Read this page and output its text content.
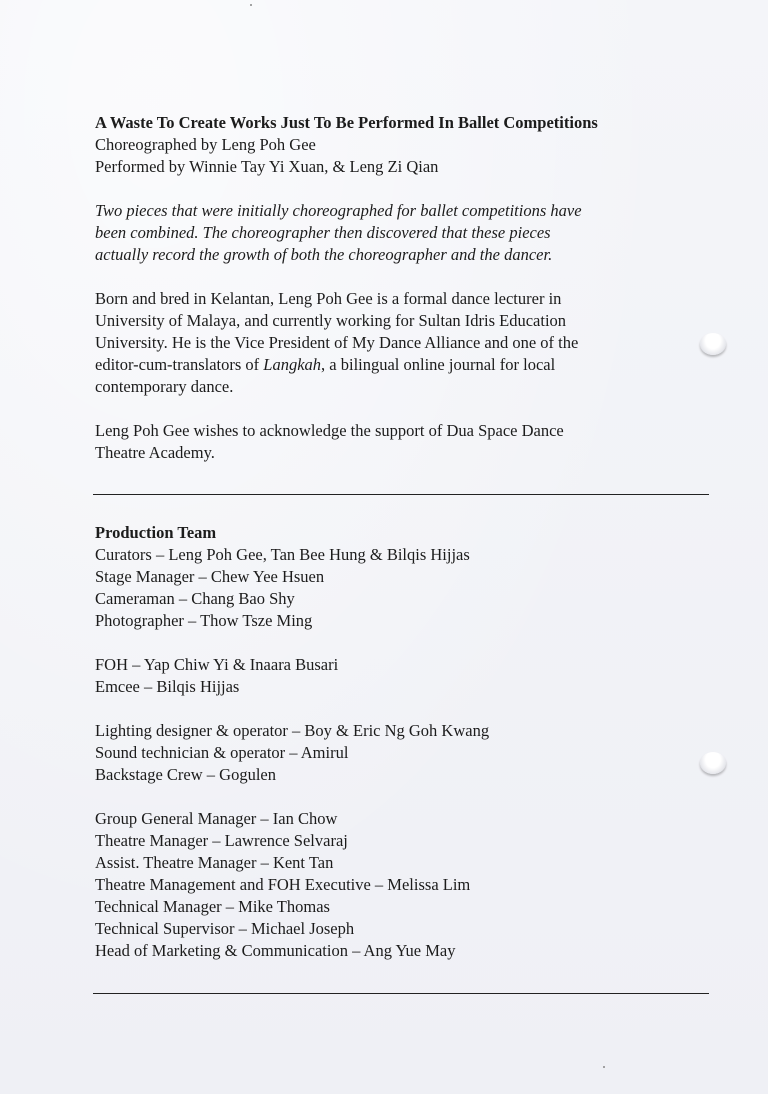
A Waste To Create Works Just To Be Performed In Ballet Competitions

Choreographed by Leng Poh Gee

Performed by Winnie Tay Yi Xuan, & Leng Zi Qian

Two pieces that were initially choreographed for ballet competitions have

been combined. The choreographer then discovered that these pieces

actually record the growth of both the choreographer and the dancer.

Born and bred in Kelantan, Leng Poh Gee is a formal dance lecturer in

University of Malaya, and currently working for Sultan Idris Education

University. He is the Vice President of My Dance Alliance and one of the

editor-cum-translators of Langkah, a bilingual online journal for local

contemporary dance.

Leng Poh Gee wishes to acknowledge the support of Dua Space Dance

Theatre Academy.

Production Team

Curators – Leng Poh Gee, Tan Bee Hung & Bilqis Hijjas

Stage Manager – Chew Yee Hsuen

Cameraman – Chang Bao Shy

Photographer – Thow Tsze Ming

FOH – Yap Chiw Yi & Inaara Busari

Emcee – Bilqis Hijjas

Lighting designer & operator – Boy & Eric Ng Goh Kwang

Sound technician & operator – Amirul

Backstage Crew – Gogulen

Group General Manager – Ian Chow

Theatre Manager – Lawrence Selvaraj

Assist. Theatre Manager – Kent Tan

Theatre Management and FOH Executive – Melissa Lim

Technical Manager – Mike Thomas

Technical Supervisor – Michael Joseph

Head of Marketing & Communication – Ang Yue May
